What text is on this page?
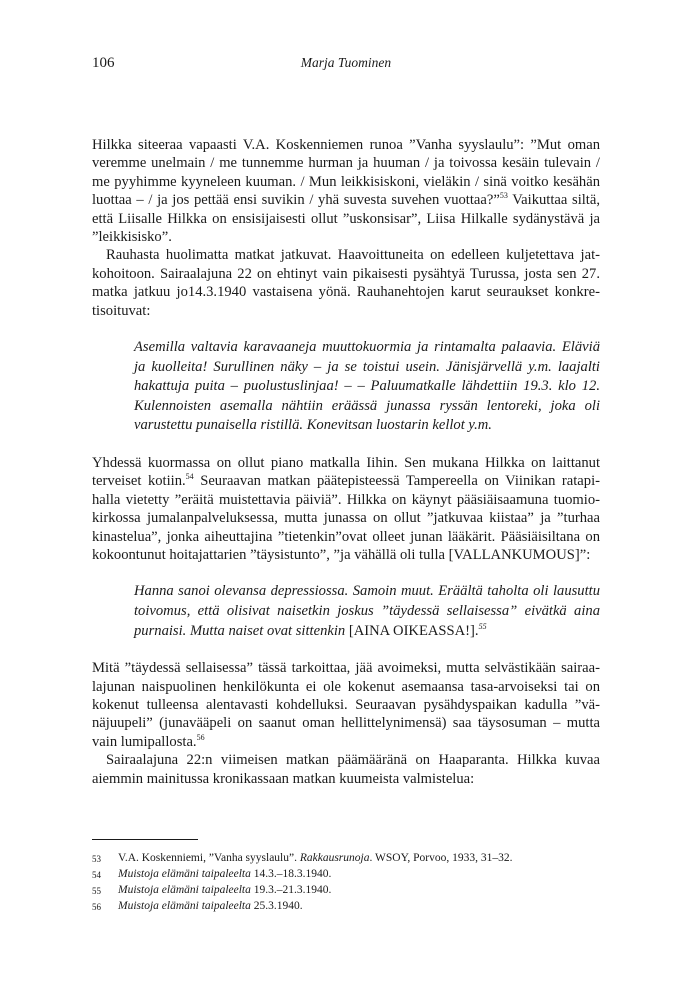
106	Marja Tuominen

Hilkka siteeraa vapaasti V.A. Koskenniemen runoa ”Vanha syyslaulu”: ”Mut oman veremme unelmain / me tunnemme hurman ja huuman / ja toivossa kesäin tulevain / me pyyhimme kyyneleen kuuman. / Mun leikkisiskoni, vieläkin / sinä voitko kesähän luottaa – / ja jos pettää ensi suvikin / yhä suvesta suvehen vuottaa?”$^{53}$ Vaikuttaa siltä, että Liisalle Hilkka on ensisijaisesti ollut ”uskonsisar”, Liisa Hilkalle sydänystävä ja ”leikkisisko”.

Rauhasta huolimatta matkat jatkuvat. Haavoittuneita on edelleen kuljetettava jatkohoitoon. Sairaalajuna 22 on ehtinyt vain pikaisesti pysähtyä Turussa, josta sen 27. matka jatkuu jo14.3.1940 vastaisena yönä. Rauhanehtojen karut seuraukset konkretisoituvat:

Asemilla valtavia karavaaneja muuttokuormia ja rintamalta palaavia. Eläviä ja kuolleita! Surullinen näky – ja se toistui usein. Jänisjärvellä y.m. laajalti hakattuja puita – puolustuslinjaa! – – Paluumatkalle lähdettiin 19.3. klo 12. Kulennoisten asemalla nähtiin eräässä junassa ryssän lentoreki, joka oli varustettu punaisella ristillä. Konevitsan luostarin kellot y.m.

Yhdessä kuormassa on ollut piano matkalla Iihin. Sen mukana Hilkka on laittanut terveiset kotiin.$^{54}$ Seuraavan matkan päätepisteessä Tampereella on Viinikan ratapihalla vietetty ”eräitä muistettavia päiviä”. Hilkka on käynyt pääsiäisaamuna tuomiokirkossa jumalanpalveluksessa, mutta junassa on ollut ”jatkuvaa kiistaa” ja ”turhaa kinastelua”, jonka aiheuttajina ”tietenkin”ovat olleet junan lääkärit. Pääsiäisiltana on kokoontunut hoitajattarien ”täysistunto”, ”ja vähällä oli tulla [VALLANKUMOUS]”:

Hanna sanoi olevansa depressiossa. Samoin muut. Eräältä taholta oli lausuttu toivomus, että olisivat naisetkin joskus ”täydessä sellaisessa” eivätkä aina purnaisi. Mutta naiset ovat sittenkin [AINA OIKEASSA!].$^{55}$

Mitä ”täydessä sellaisessa” tässä tarkoittaa, jää avoimeksi, mutta selvästikään sairaalajunan naispuolinen henkilökunta ei ole kokenut asemaansa tasa-arvoiseksi tai on kokenut tulleensa alentavasti kohdelluksi. Seuraavan pysähdyspaikan kadulla ”vänäjuupeli” (junavääpeli on saanut oman hellittelynimensä) saa täysosuman – mutta vain lumipallosta.$^{56}$

Sairaalajuna 22:n viimeisen matkan päämääränä on Haaparanta. Hilkka kuvaa aiemmin mainitussa kronikassaan matkan kuumeista valmistelua:

53	V.A. Koskenniemi, ”Vanha syyslaulu”. Rakkausrunoja. WSOY, Porvoo, 1933, 31–32.
54	Muistoja elämäni taipaleelta 14.3.–18.3.1940.
55	Muistoja elämäni taipaleelta 19.3.–21.3.1940.
56	Muistoja elämäni taipaleelta 25.3.1940.
